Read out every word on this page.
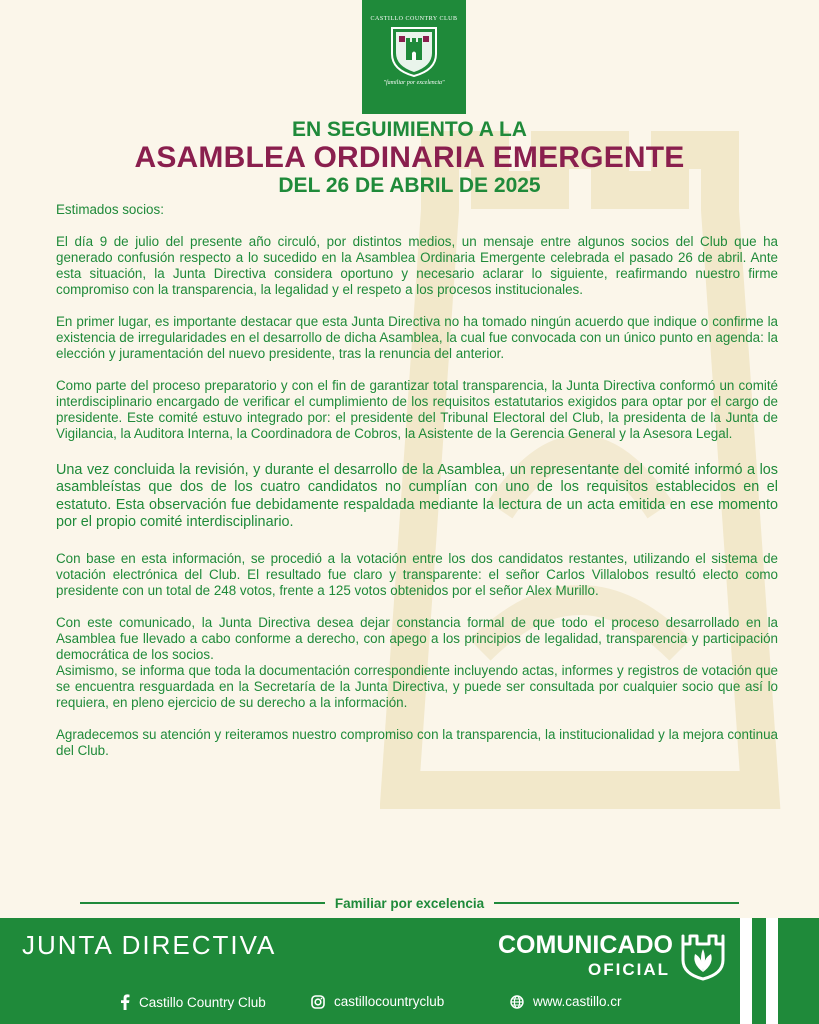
CASTILLO COUNTRY CLUB
"familiar por excelencia"
EN SEGUIMIENTO A LA
ASAMBLEA ORDINARIA EMERGENTE
DEL 26 DE ABRIL DE 2025

Estimados socios:

El día 9 de julio del presente año circuló, por distintos medios, un mensaje entre algunos socios del Club que ha generado confusión respecto a lo sucedido en la Asamblea Ordinaria Emergente celebrada el pasado 26 de abril. Ante esta situación, la Junta Directiva considera oportuno y necesario aclarar lo siguiente, reafirmando nuestro firme compromiso con la transparencia, la legalidad y el respeto a los procesos institucionales.

En primer lugar, es importante destacar que esta Junta Directiva no ha tomado ningún acuerdo que indique o confirme la existencia de irregularidades en el desarrollo de dicha Asamblea, la cual fue convocada con un único punto en agenda: la elección y juramentación del nuevo presidente, tras la renuncia del anterior.

Como parte del proceso preparatorio y con el fin de garantizar total transparencia, la Junta Directiva conformó un comité interdisciplinario encargado de verificar el cumplimiento de los requisitos estatutarios exigidos para optar por el cargo de presidente. Este comité estuvo integrado por: el presidente del Tribunal Electoral del Club, la presidenta de la Junta de Vigilancia, la Auditora Interna, la Coordinadora de Cobros, la Asistente de la Gerencia General y la Asesora Legal.

Una vez concluida la revisión, y durante el desarrollo de la Asamblea, un representante del comité informó a los asambleístas que dos de los cuatro candidatos no cumplían con uno de los requisitos establecidos en el estatuto. Esta observación fue debidamente respaldada mediante la lectura de un acta emitida en ese momento por el propio comité interdisciplinario.

Con base en esta información, se procedió a la votación entre los dos candidatos restantes, utilizando el sistema de votación electrónica del Club. El resultado fue claro y transparente: el señor Carlos Villalobos resultó electo como presidente con un total de 248 votos, frente a 125 votos obtenidos por el señor Alex Murillo.

Con este comunicado, la Junta Directiva desea dejar constancia formal de que todo el proceso desarrollado en la Asamblea fue llevado a cabo conforme a derecho, con apego a los principios de legalidad, transparencia y participación democrática de los socios.

Asimismo, se informa que toda la documentación correspondiente incluyendo actas, informes y registros de votación que se encuentra resguardada en la Secretaría de la Junta Directiva, y puede ser consultada por cualquier socio que así lo requiera, en pleno ejercicio de su derecho a la información.

Agradecemos su atención y reiteramos nuestro compromiso con la transparencia, la institucionalidad y la mejora continua del Club.

Familiar por excelencia
JUNTA DIRECTIVA	COMUNICADO
OFICIAL
Castillo Country Club	castillocountryclub	www.castillo.cr
